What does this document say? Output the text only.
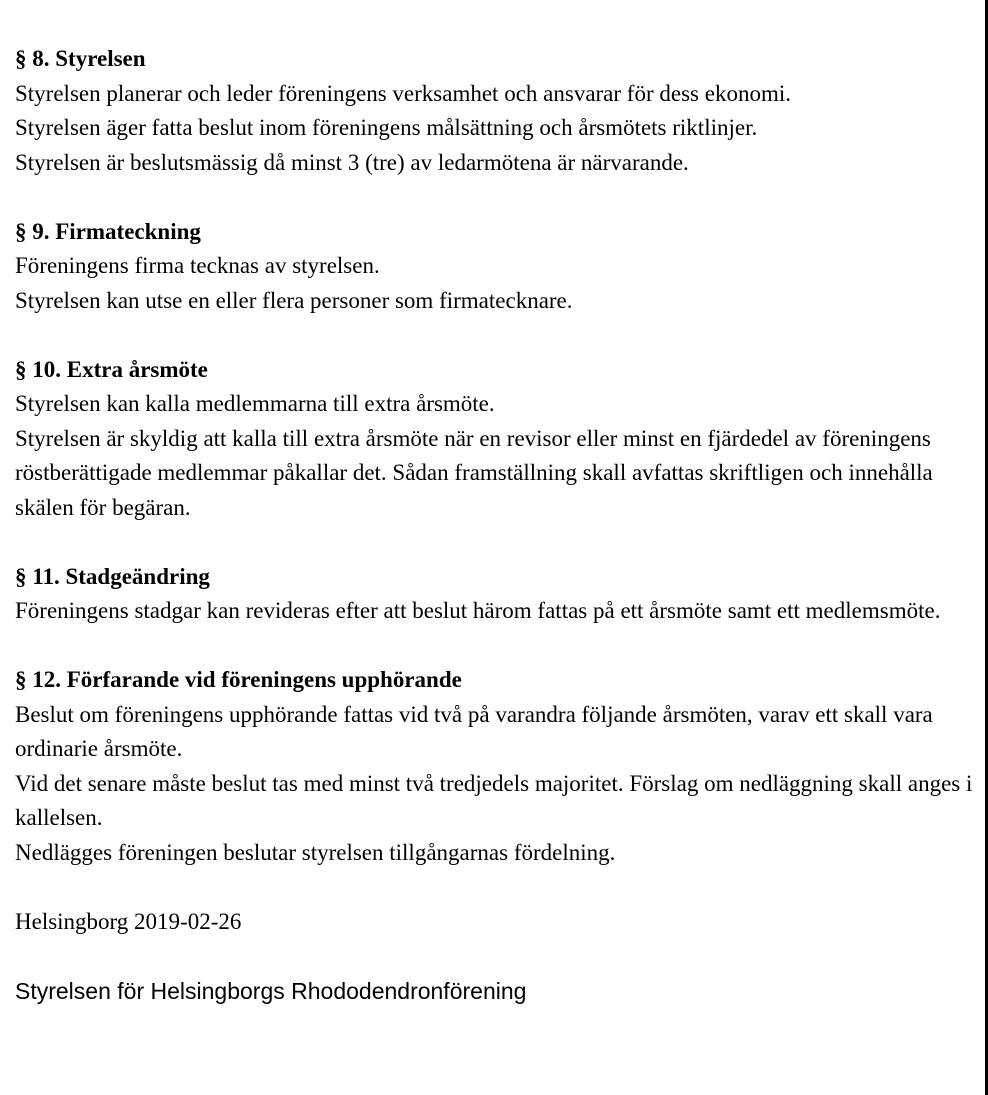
§ 8. Styrelsen
Styrelsen planerar och leder föreningens verksamhet och ansvarar för dess ekonomi.
Styrelsen äger fatta beslut inom föreningens målsättning och årsmötets riktlinjer.
Styrelsen är beslutsmässig då minst 3 (tre) av ledarmötena är närvarande.
§ 9. Firmateckning
Föreningens firma tecknas av styrelsen.
Styrelsen kan utse en eller flera personer som firmatecknare.
§ 10. Extra årsmöte
Styrelsen kan kalla medlemmarna till extra årsmöte.
Styrelsen är skyldig att kalla till extra årsmöte när en revisor eller minst en fjärdedel av föreningens röstberättigade medlemmar påkallar det. Sådan framställning skall avfattas skriftligen och innehålla skälen för begäran.
§ 11. Stadgeändring
Föreningens stadgar kan revideras efter att beslut härom fattas på ett årsmöte samt ett medlemsmöte.
§ 12. Förfarande vid föreningens upphörande
Beslut om föreningens upphörande fattas vid två på varandra följande årsmöten, varav ett skall vara ordinarie årsmöte.
Vid det senare måste beslut tas med minst två tredjedels majoritet. Förslag om nedläggning skall anges i kallelsen.
Nedlägges föreningen beslutar styrelsen tillgångarnas fördelning.
Helsingborg 2019-02-26
Styrelsen för Helsingborgs Rhododendronförening
